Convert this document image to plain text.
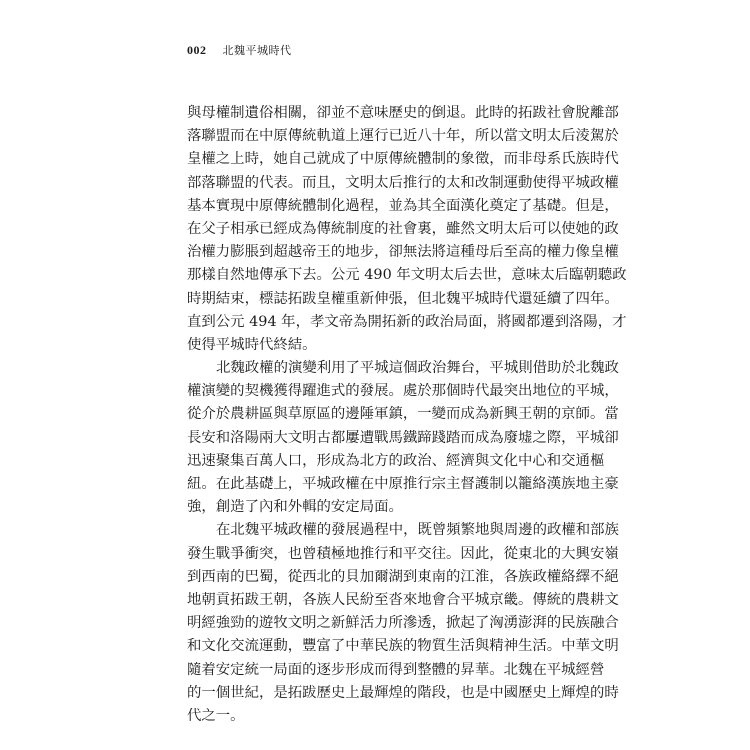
002 北魏平城時代
與母權制遺俗相關，卻並不意味歷史的倒退。此時的拓跋社會脫離部
落聯盟而在中原傳統軌道上運行已近八十年，所以當文明太后淩駕於
皇權之上時，她自己就成了中原傳統體制的象徵，而非母系氏族時代
部落聯盟的代表。而且，文明太后推行的太和改制運動使得平城政權
基本實現中原傳統體制化過程，並為其全面漢化奠定了基礎。但是，
在父子相承已經成為傳統制度的社會裏，雖然文明太后可以使她的政
治權力膨脹到超越帝王的地步，卻無法將這種母后至高的權力像皇權
那樣自然地傳承下去。公元 490 年文明太后去世，意味太后臨朝聽政
時期結束，標誌拓跋皇權重新伸張，但北魏平城時代還延續了四年。
直到公元 494 年，孝文帝為開拓新的政治局面，將國都遷到洛陽，才
使得平城時代終結。
北魏政權的演變利用了平城這個政治舞台，平城則借助於北魏政
權演變的契機獲得躍進式的發展。處於那個時代最突出地位的平城，
從介於農耕區與草原區的邊陲軍鎮，一變而成為新興王朝的京師。當
長安和洛陽兩大文明古都屢遭戰馬鐵蹄踐踏而成為廢墟之際，平城卻
迅速聚集百萬人口，形成為北方的政治、經濟與文化中心和交通樞
紐。在此基礎上，平城政權在中原推行宗主督護制以籠絡漢族地主豪
強，創造了內和外輯的安定局面。
在北魏平城政權的發展過程中，既曾頻繁地與周邊的政權和部族
發生戰爭衝突，也曾積極地推行和平交往。因此，從東北的大興安嶺
到西南的巴蜀，從西北的貝加爾湖到東南的江淮，各族政權絡繹不絕
地朝貢拓跋王朝，各族人民紛至沓來地會合平城京畿。傳統的農耕文
明經強勁的遊牧文明之新鮮活力所滲透，掀起了洶湧澎湃的民族融合
和文化交流運動，豐富了中華民族的物質生活與精神生活。中華文明
隨着安定統一局面的逐步形成而得到整體的昇華。北魏在平城經營
的一個世紀，是拓跋歷史上最輝煌的階段，也是中國歷史上輝煌的時
代之一。
